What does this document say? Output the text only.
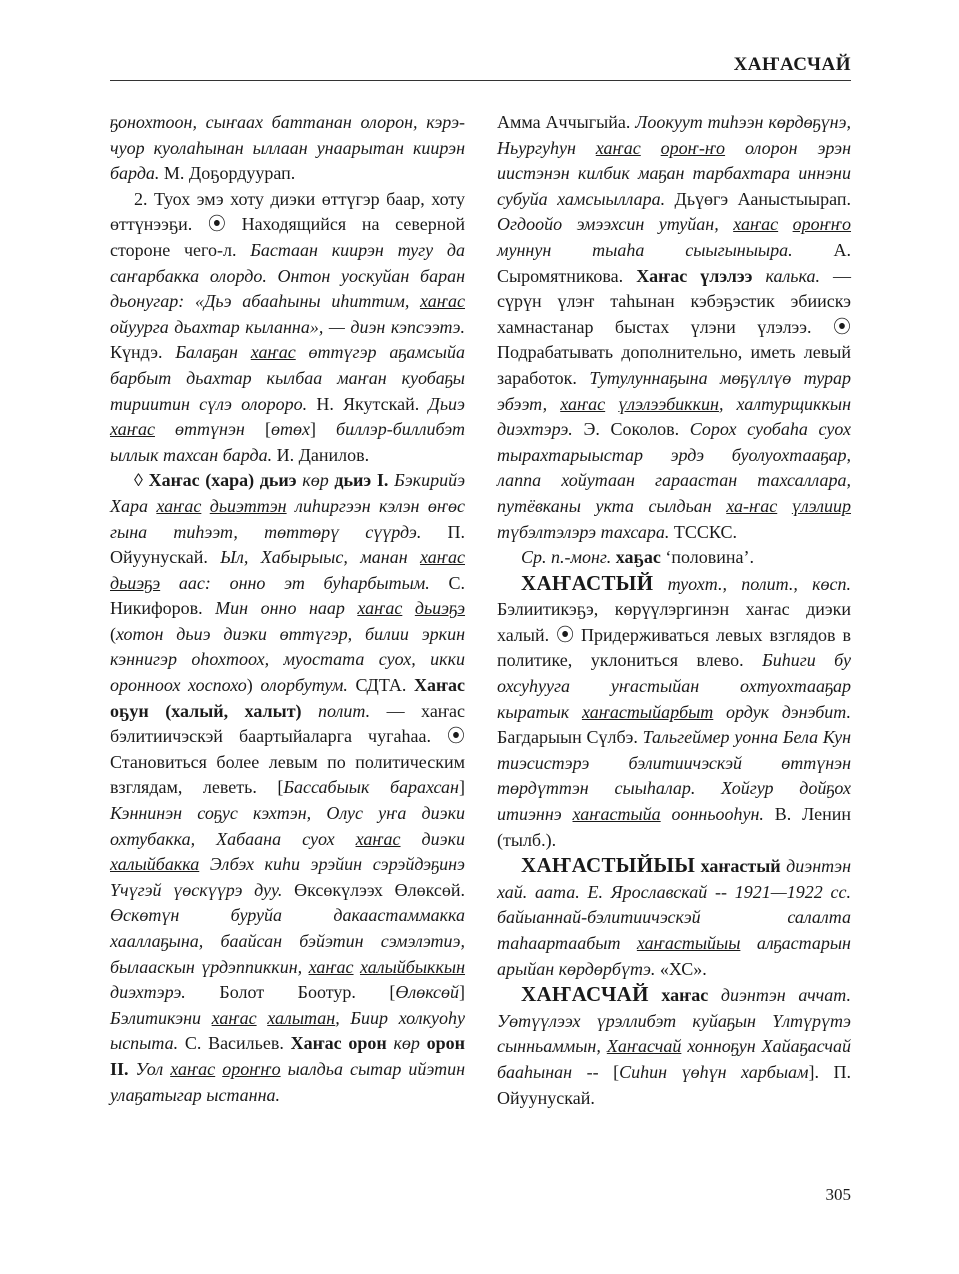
ХАҤАСЧАЙ

ҕонохтоон, сыҥаах баттанан олорон, кэрэ-чуор куолаһынан ыллаан унаарытан киирэн барда. М. Доҕордуурап.

2. Туох эмэ хоту диэки өттүгэр баар, хоту өттүнээҕи. ⦿ Находящийся на северной стороне чего-л. Бастаан киирэн тугу да саҥарбакка олордо. Онтон уоскуйан баран дьонугар: «Дьэ абааһыны иһиттим, хаҥас ойуурга дьахтар кыланна», — диэн кэпсээтэ. Күндэ. Балаҕан хаҥас өттүгэр аҕамсыйа барбыт дьахтар кылбаа маҥан куобаҕы тириитин сүлэ олороро. Н. Якутскай. Дьиэ хаҥас өттүнэн [өтөх] биллэр-биллибэт ыллык тахсан барда. И. Данилов.

◊ Хаҥас (хара) дьиэ көр дьиэ I. Бэкирийэ Хара хаҥас дьиэттэн лиһиргээн кэлэн өҥөс гына тиһээт, төттөрү сүүрдэ. П. Ойуунускай. Ыл, Хабырыыс, манан хаҥас дьиэҕэ аас: онно эт буһарбытым. С. Никифоров. Мин онно наар хаҥас дьиэҕэ (хотон дьиэ диэки өттүгэр, билии эркин кэннигэр оһохтоох, муостата суох, икки оронноох хоспохо) олорбутум. СДТА. Хаҥас оҕун (халый, халыт) полит. — хаҥас бэлитиичэскэй баартыйаларга чугаһаа. ⦿ Становиться более левым по политическим взглядам, леветь. [Бассабыык барахсан] Кэннинэн соҕус кэхтэн, Олус уҥа диэки охтубакка, Хабаана суох хаҥас диэки халыйбакка Элбэх киһи эрэйин сэрэйдэҕинэ Үчүгэй үөскүүрэ дуу. Өксөкүлээх Өлөксөй. Өскөтүн буруйа дакаастаммакка хааллаҕына, баайсан бэйэтин сэмэлэтиэ, былааскын үрдэппиккин, хаҥас халыйбыккын диэхтэрэ. Болот Боотур. [Өлөксөй] Бэлитикэни хаҥас халытан, Биир холкуоһу ыспыта. С. Васильев. Хаҥас орон көр орон II. Уол хаҥас ороҥҥо ыалдьа сытар ийэтин улаҕатыгар ыстанна.

Амма Аччыгыйа. Лоокуут тиһээн көрдөҕүнэ, Ньургуһун хаҥас ороҥ-ҥо олорон эрэн иистэнэн килбик маҕан тарбахтара иннэни субуйа хамсыыллара. Дьүөгэ Ааныстыырап. Огдоойо эмээхсин утуйан, хаҥас ороҥҥо муннун тыаһа сыыгыныыра. А. Сыромятникова. Хаҥас үлэлээ калька. — сүрүн үлэҥ таһынан кэбэҕэстик эбиискэ хамнастанар быстах үлэни үлэлээ. ⦿ Подрабатывать дополнительно, иметь левый заработок. Тутулуннаҕына мөҕүллүө турар эбээт, хаҥас үлэлээбиккин, халтурщиккын диэхтэрэ. Э. Соколов. Сорох суобаһа суох тырахтарыыстар эрдэ буолуохтааҕар, лаппа хойутаан гараастан тахсаллара, путёвканы укта сылдьан ха-ҥас үлэлиир түбэлтэлэрэ тахсара. ТССКС.

Ср. п.-монг. хаҕас ‘половина’.

ХАҤАСТЫЙ туохт., полит., көсп. Бэлиитикэҕэ, көрүүлэргинэн хаҥас диэки халый. ⦿ Придерживаться левых взглядов в политике, уклониться влево. Биһиги бу охсуһууга уҥастыйан охтуохтааҕар кыратык хаҥастыйарбыт ордук дэнэбит. Багдарыын Сүлбэ. Тальгеймер уонна Бела Кун тиэсистэрэ бэлитиичэскэй өттүнэн төрдүттэн сыыһалар. Хойгур дойҕох итиэннэ хаҥастыйа оонньооһун. В. Ленин (тылб.).

ХАҤАСТЫЙЫЫ хаҥастый диэнтэн хай. аата. Е. Ярославскай -- 1921—1922 сс. байыаннай-бэлитиичэскэй салалта таһаартаабыт хаҥастыйыы алҕастарын арыйан көрдөрбүтэ. «ХС».

ХАҤАСЧАЙ хаҥас диэнтэн аччат. Уөтүүлээх үрэллибэт куйаҕын Үлтүрүтэ сынньаммын, Хаҥасчай хонноҕун Хайаҕасчай бааһынан -- [Сиһин үөһүн харбыам]. П. Ойуунускай.

305
